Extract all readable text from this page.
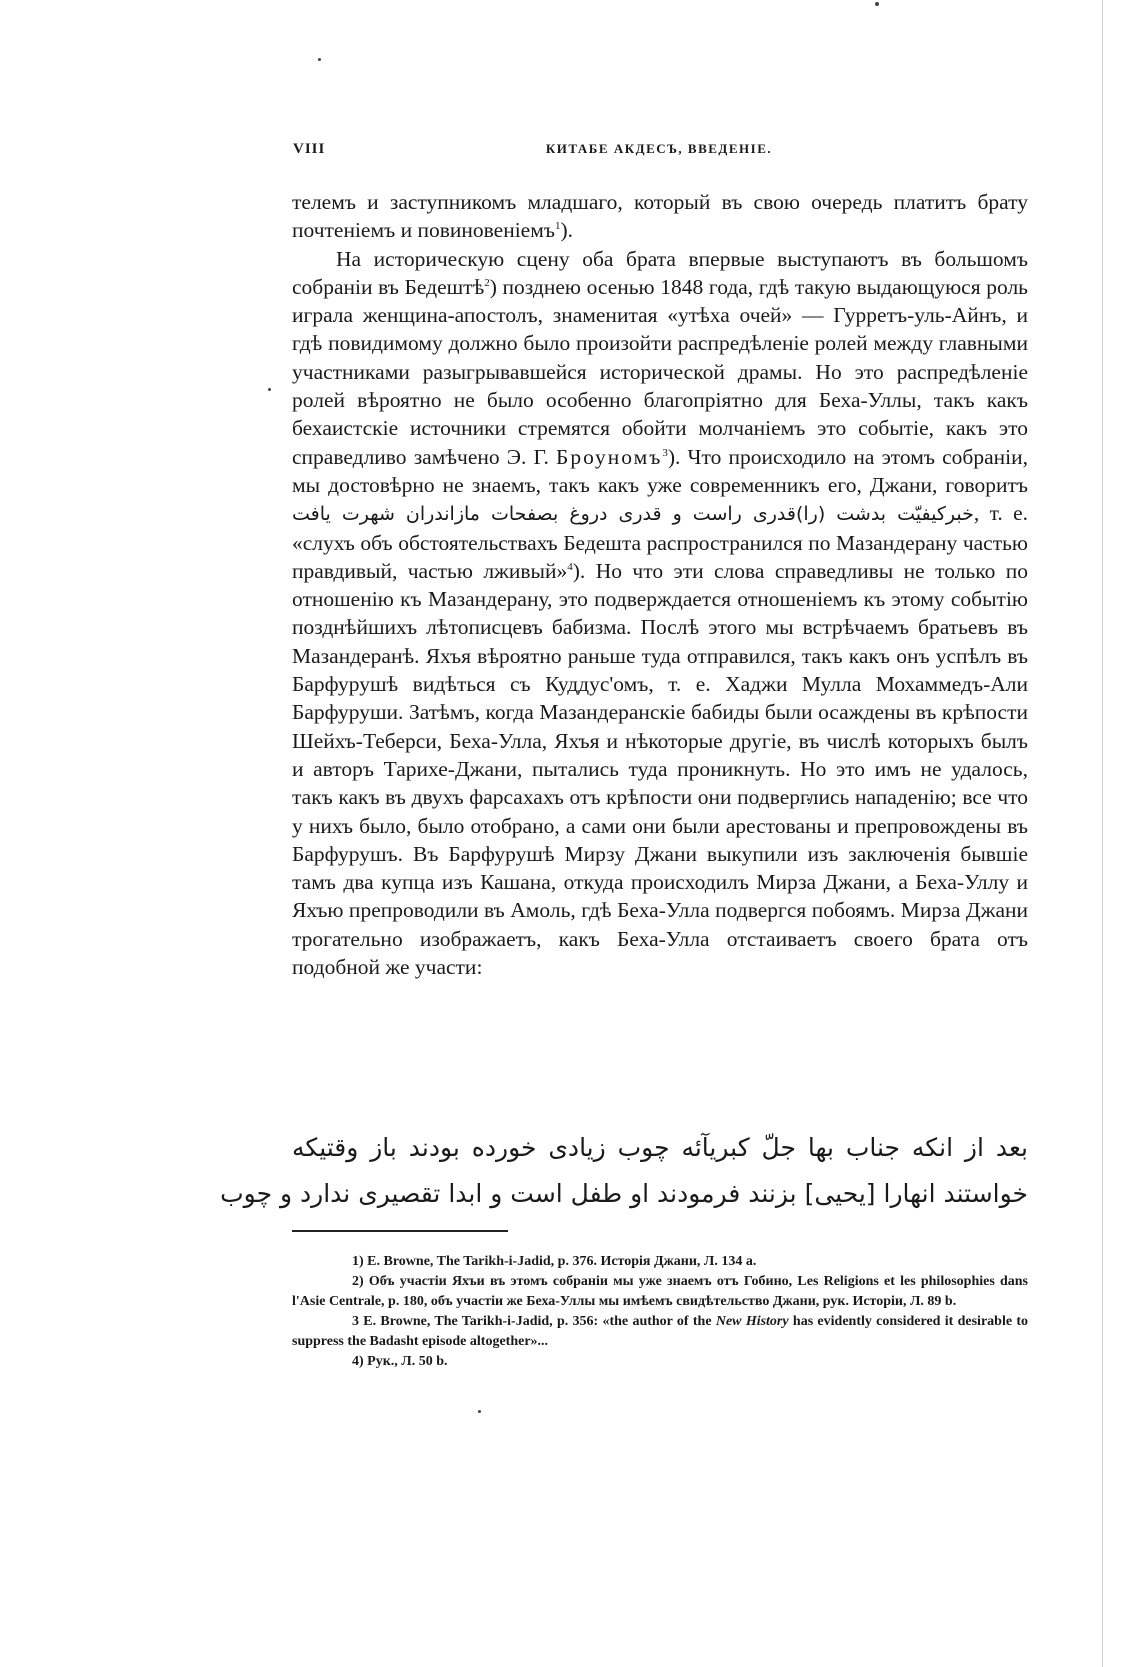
VIII	КИТАБЕ АКДЕСЪ, ВВЕДЕНІЕ.

телемъ и заступникомъ младшаго, который въ свою очередь платитъ брату почтеніемъ и повиновеніемъ$^1$).

На историческую сцену оба брата впервые выступаютъ въ большомъ собраніи въ Бедештѣ$^2$) позднею осенью 1848 года, гдѣ такую выдающуюся роль играла женщина-апостолъ, знаменитая «утѣха очей» — Гурретъ-уль-Айнъ, и гдѣ повидимому должно было произойти распредѣленіе ролей между главными участниками разыгрывавшейся исторической драмы. Но это распредѣленіе ролей вѣроятно не было особенно благопріятно для Беха-Уллы, такъ какъ бехаистскіе источники стремятся обойти молчаніемъ это событіе, какъ это справедливо замѣчено Э. Г. Броуномъ$^3$). Что происходило на этомъ собраніи, мы достовѣрно не знаемъ, такъ какъ уже современникъ его, Джани, говоритъ خبرکیفیّت بدشت (را)قدری راست و قدری دروغ بصفحات مازاندران شهرت یافت, т. е. «слухъ объ обстоятельствахъ Бедешта распространился по Мазандерану частью правдивый, частью лживый»$^4$). Но что эти слова справедливы не только по отношенію къ Мазандерану, это подверждается отношеніемъ къ этому событію позднѣйшихъ лѣтописцевъ бабизма. Послѣ этого мы встрѣчаемъ братьевъ въ Мазандеранѣ. Яхъя вѣроятно раньше туда отправился, такъ какъ онъ успѣлъ въ Барфурушѣ видѣться съ Куддус'омъ, т. е. Хаджи Мулла Мохаммедъ-Али Барфуруши. Затѣмъ, когда Мазандеранскіе бабиды были осаждены въ крѣпости Шейхъ-Теберси, Беха-Улла, Яхъя и нѣкоторые другіе, въ числѣ которыхъ былъ и авторъ Тарихе-Джани, пытались туда проникнуть. Но это имъ не удалось, такъ какъ въ двухъ фарсахахъ отъ крѣпости они подверглись нападенію; все что у нихъ было, было отобрано, а сами они были арестованы и препровождены въ Барфурушъ. Въ Барфурушѣ Мирзу Джани выкупили изъ заключенія бывшіе тамъ два купца изъ Кашана, откуда происходилъ Мирза Джани, а Беха-Уллу и Яхъю препроводили въ Амоль, гдѣ Беха-Улла подвергся побоямъ. Мирза Джани трогательно изображаетъ, какъ Беха-Улла отстаиваетъ своего брата отъ подобной же участи:

بعد از انکه جناب بها جلّ کبریآئه چوب زیادی خورده بودند باز وقتیکه
خواستند انهارا [یحیی] بزنند فرمودند او طفل است و ابدا تقصیری ندارد و چوب

1) E. Browne, The Tarikh-i-Jadid, p. 376. Исторія Джани, Л. 134 a.

2) Объ участіи Яхъи въ этомъ собраніи мы уже знаемъ отъ Гобино, Les Religions et les philosophies dans l'Asie Centrale, p. 180, объ участіи же Беха-Уллы мы имѣемъ свидѣтельство Джани, рук. Исторіи, Л. 89 b.

3 E. Browne, The Tarikh-i-Jadid, p. 356: «the author of the New History has evidently considered it desirable to suppress the Badasht episode altogether»...

4) Рук., Л. 50 b.
